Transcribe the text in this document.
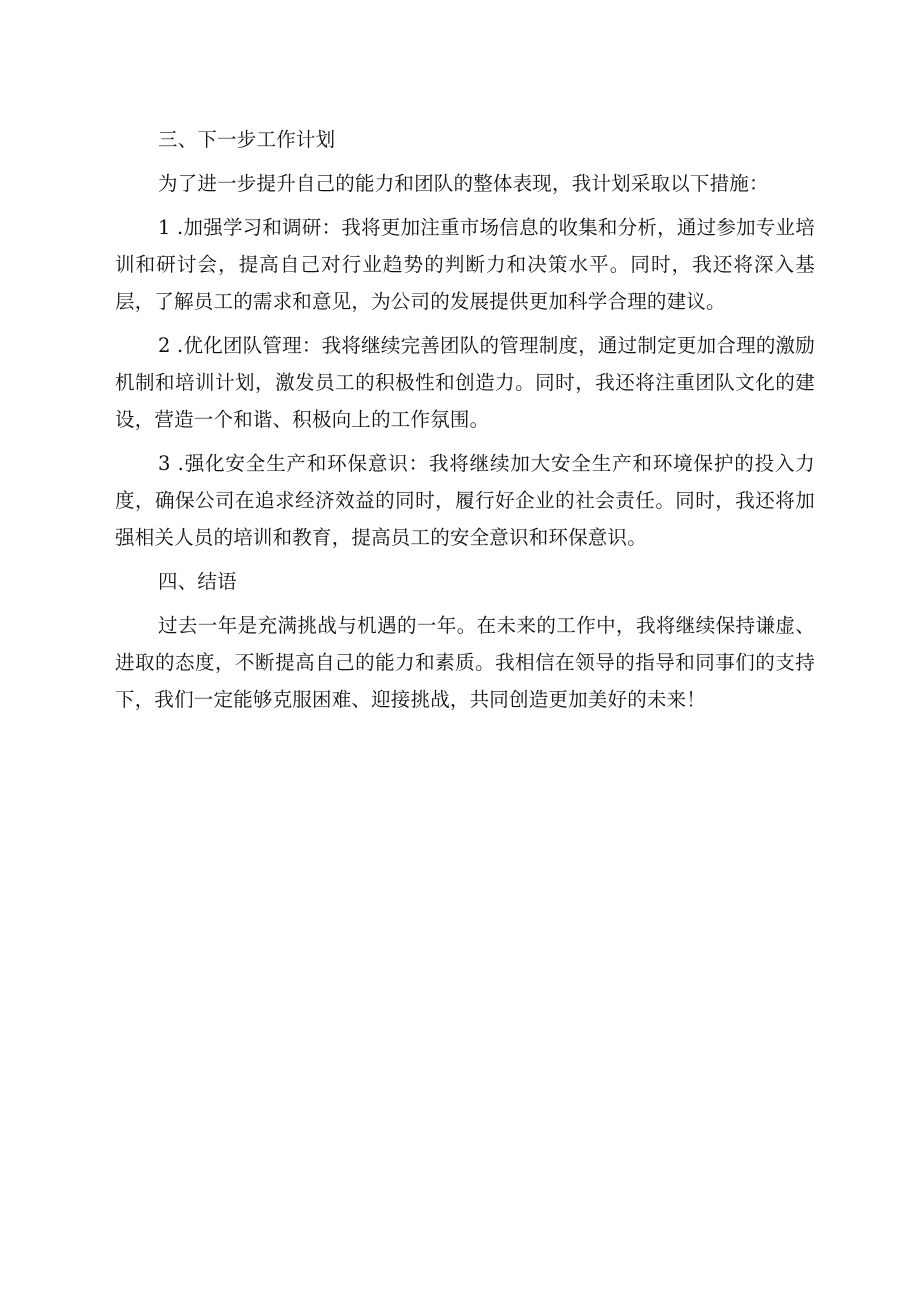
三、下一步工作计划

为了进一步提升自己的能力和团队的整体表现，我计划采取以下措施：

1 .加强学习和调研：我将更加注重市场信息的收集和分析，通过参加专业培训和研讨会，提高自己对行业趋势的判断力和决策水平。同时，我还将深入基层，了解员工的需求和意见，为公司的发展提供更加科学合理的建议。

2 .优化团队管理：我将继续完善团队的管理制度，通过制定更加合理的激励机制和培训计划，激发员工的积极性和创造力。同时，我还将注重团队文化的建设，营造一个和谐、积极向上的工作氛围。

3 .强化安全生产和环保意识：我将继续加大安全生产和环境保护的投入力度，确保公司在追求经济效益的同时，履行好企业的社会责任。同时，我还将加强相关人员的培训和教育，提高员工的安全意识和环保意识。

四、结语

过去一年是充满挑战与机遇的一年。在未来的工作中，我将继续保持谦虚、进取的态度，不断提高自己的能力和素质。我相信在领导的指导和同事们的支持下，我们一定能够克服困难、迎接挑战，共同创造更加美好的未来！
